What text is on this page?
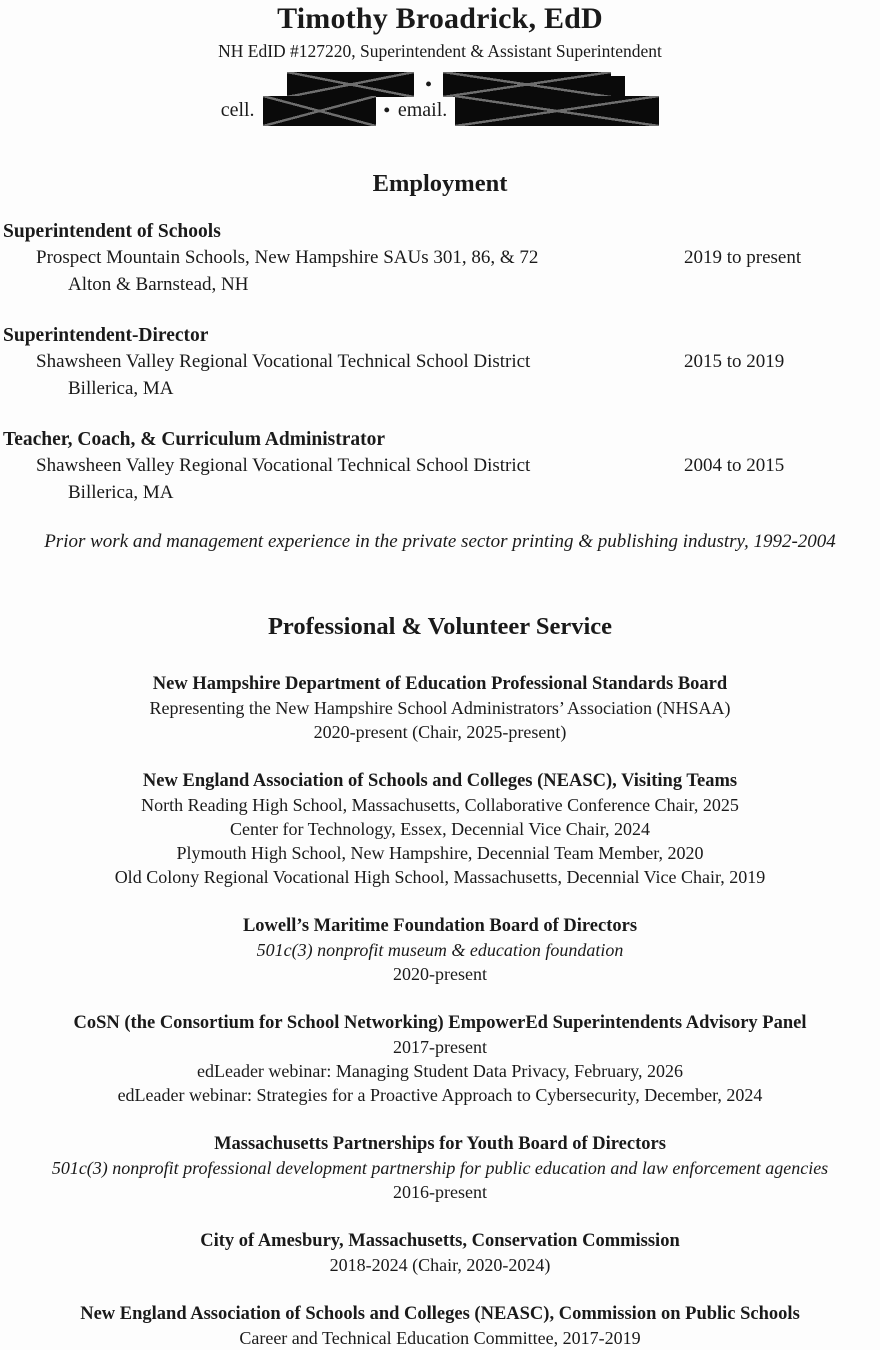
Timothy Broadrick, EdD
NH EdID #127220, Superintendent & Assistant Superintendent
•
cell.	• email.
Employment
Superintendent of Schools
Prospect Mountain Schools, New Hampshire SAUs 301, 86, & 72	2019 to present
Alton & Barnstead, NH
Superintendent-Director
Shawsheen Valley Regional Vocational Technical School District	2015 to 2019
Billerica, MA
Teacher, Coach, & Curriculum Administrator
Shawsheen Valley Regional Vocational Technical School District	2004 to 2015
Billerica, MA
Prior work and management experience in the private sector printing & publishing industry, 1992-2004
Professional & Volunteer Service
New Hampshire Department of Education Professional Standards Board
Representing the New Hampshire School Administrators’ Association (NHSAA)
2020-present (Chair, 2025-present)
New England Association of Schools and Colleges (NEASC), Visiting Teams
North Reading High School, Massachusetts, Collaborative Conference Chair, 2025
Center for Technology, Essex, Decennial Vice Chair, 2024
Plymouth High School, New Hampshire, Decennial Team Member, 2020
Old Colony Regional Vocational High School, Massachusetts, Decennial Vice Chair, 2019
Lowell’s Maritime Foundation Board of Directors
501c(3) nonprofit museum & education foundation
2020-present
CoSN (the Consortium for School Networking) EmpowerEd Superintendents Advisory Panel
2017-present
edLeader webinar: Managing Student Data Privacy, February, 2026
edLeader webinar: Strategies for a Proactive Approach to Cybersecurity, December, 2024
Massachusetts Partnerships for Youth Board of Directors
501c(3) nonprofit professional development partnership for public education and law enforcement agencies
2016-present
City of Amesbury, Massachusetts, Conservation Commission
2018-2024 (Chair, 2020-2024)
New England Association of Schools and Colleges (NEASC), Commission on Public Schools
Career and Technical Education Committee, 2017-2019
